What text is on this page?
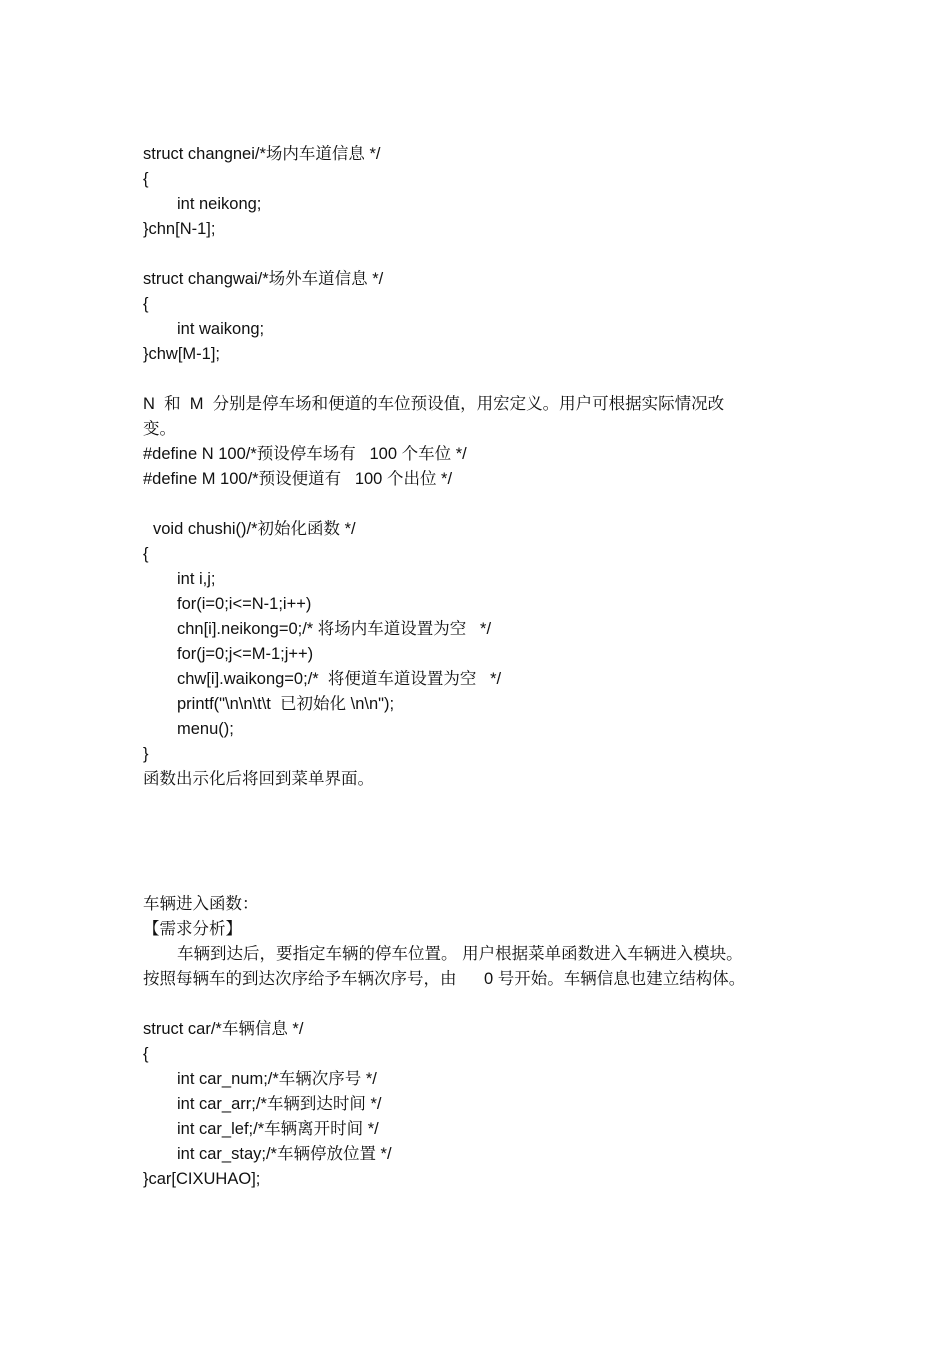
struct changnei/*场内车道信息 */
{
int neikong;
}chn[N-1];
struct changwai/*场外车道信息 */
{
int waikong;
}chw[M-1];
N  和  M  分别是停车场和便道的车位预设值，用宏定义。用户可根据实际情况改
变。
#define N 100/*预设停车场有   100 个车位 */
#define M 100/*预设便道有   100 个出位 */
void chushi()/*初始化函数 */
{
int i,j;
for(i=0;i<=N-1;i++)
chn[i].neikong=0;/* 将场内车道设置为空   */
for(j=0;j<=M-1;j++)
chw[i].waikong=0;/*  将便道车道设置为空   */
printf("\n\n\t\t  已初始化 \n\n");
menu();
}
函数出示化后将回到菜单界面。
车辆进入函数：
【需求分析】
车辆到达后，要指定车辆的停车位置。 用户根据菜单函数进入车辆进入模块。
按照每辆车的到达次序给予车辆次序号，由      0 号开始。车辆信息也建立结构体。
struct car/*车辆信息 */
{
int car_num;/*车辆次序号 */
int car_arr;/*车辆到达时间 */
int car_lef;/*车辆离开时间 */
int car_stay;/*车辆停放位置 */
}car[CIXUHAO];
